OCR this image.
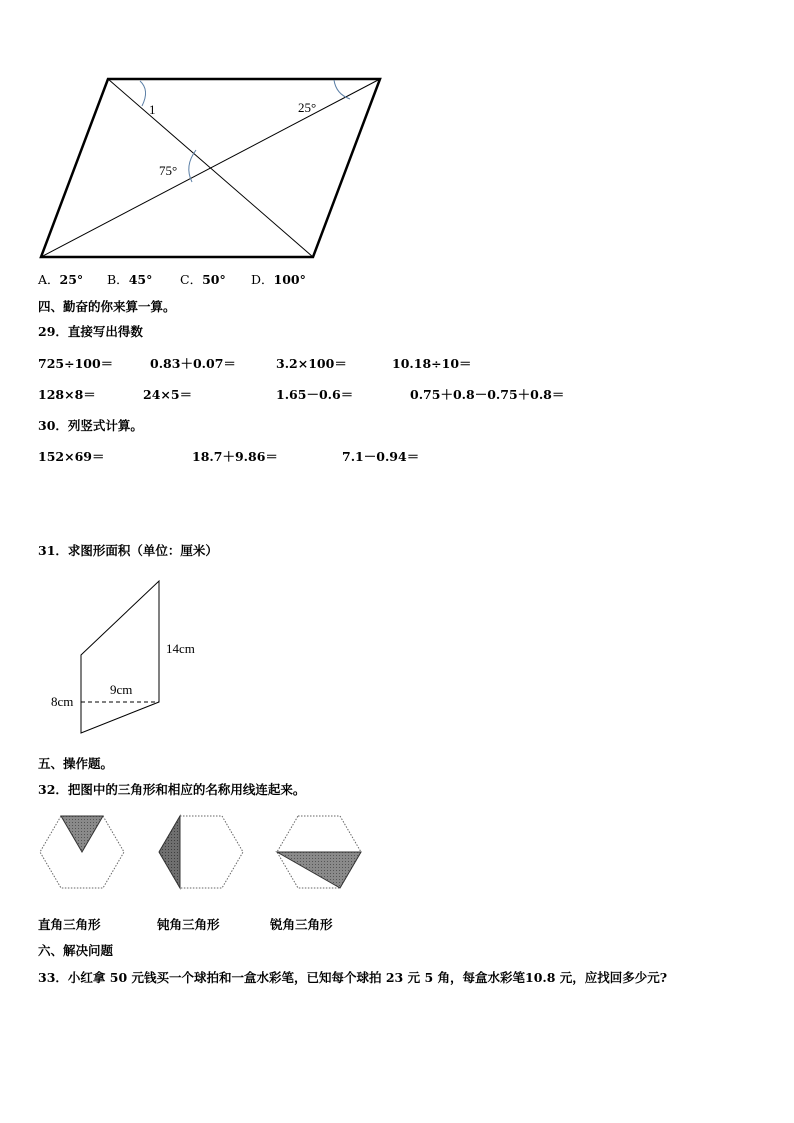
1	25°
75°
A．25° B．45° C．50° D．100°
四、勤奋的你来算一算。
29．直接写出得数
725÷100＝	0.83＋0.07＝	3.2×100＝	10.18÷10＝
128×8＝	24×5＝	1.65－0.6＝	0.75＋0.8－0.75＋0.8＝
30．列竖式计算。
152×69＝	18.7＋9.86＝	7.1－0.94＝
31．求图形面积（单位：厘米）
14cm
9cm
8cm
五、操作题。
32．把图中的三角形和相应的名称用线连起来。
直角三角形	钝角三角形	锐角三角形
六、解决问题
33．小红拿 50 元钱买一个球拍和一盒水彩笔，已知每个球拍 23 元 5 角，每盒水彩笔10.8 元，应找回多少元?
